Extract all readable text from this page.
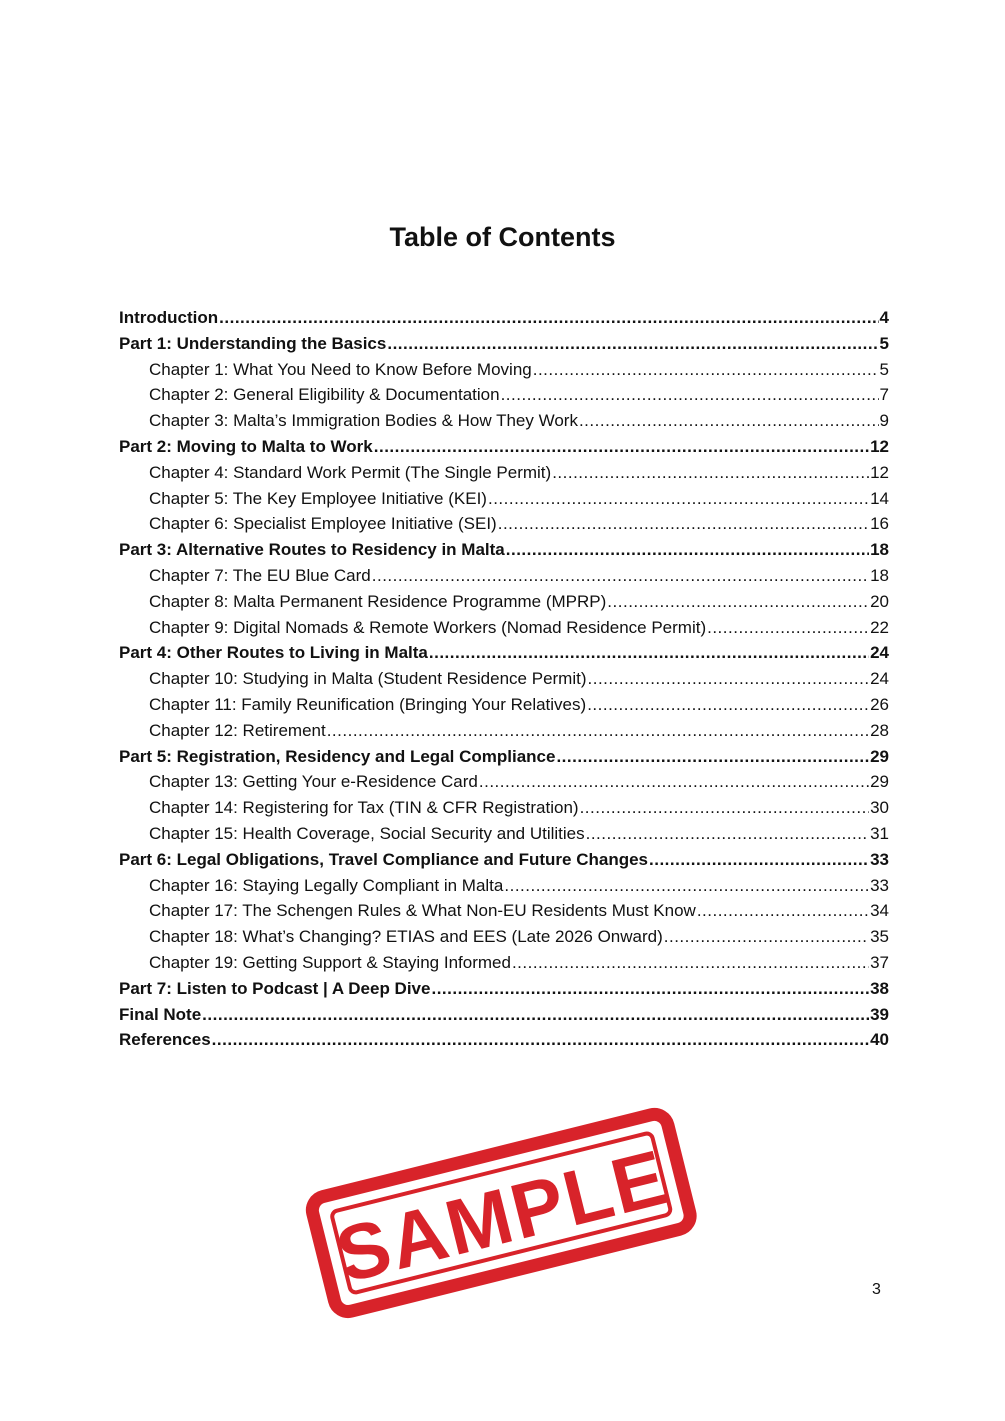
Table of Contents
Introduction .....	4
Part 1: Understanding the Basics .....	5
Chapter 1: What You Need to Know Before Moving .....	5
Chapter 2: General Eligibility & Documentation .....	7
Chapter 3: Malta’s Immigration Bodies & How They Work .....	9
Part 2: Moving to Malta to Work .....	12
Chapter 4: Standard Work Permit (The Single Permit) .....	12
Chapter 5: The Key Employee Initiative (KEI) .....	14
Chapter 6: Specialist Employee Initiative (SEI) .....	16
Part 3: Alternative Routes to Residency in Malta .....	18
Chapter 7: The EU Blue Card .....	18
Chapter 8: Malta Permanent Residence Programme (MPRP) .....	20
Chapter 9: Digital Nomads & Remote Workers (Nomad Residence Permit) .....	22
Part 4: Other Routes to Living in Malta .....	24
Chapter 10: Studying in Malta (Student Residence Permit) .....	24
Chapter 11: Family Reunification (Bringing Your Relatives) .....	26
Chapter 12: Retirement .....	28
Part 5: Registration, Residency and Legal Compliance .....	29
Chapter 13: Getting Your e-Residence Card .....	29
Chapter 14: Registering for Tax (TIN & CFR Registration) .....	30
Chapter 15: Health Coverage, Social Security and Utilities .....	31
Part 6: Legal Obligations, Travel Compliance and Future Changes .....	33
Chapter 16: Staying Legally Compliant in Malta .....	33
Chapter 17: The Schengen Rules & What Non-EU Residents Must Know .....	34
Chapter 18: What’s Changing? ETIAS and EES (Late 2026 Onward) .....	35
Chapter 19: Getting Support & Staying Informed .....	37
Part 7: Listen to Podcast | A Deep Dive .....	38
Final Note .....	39
References .....	40
SAMPLE	3
